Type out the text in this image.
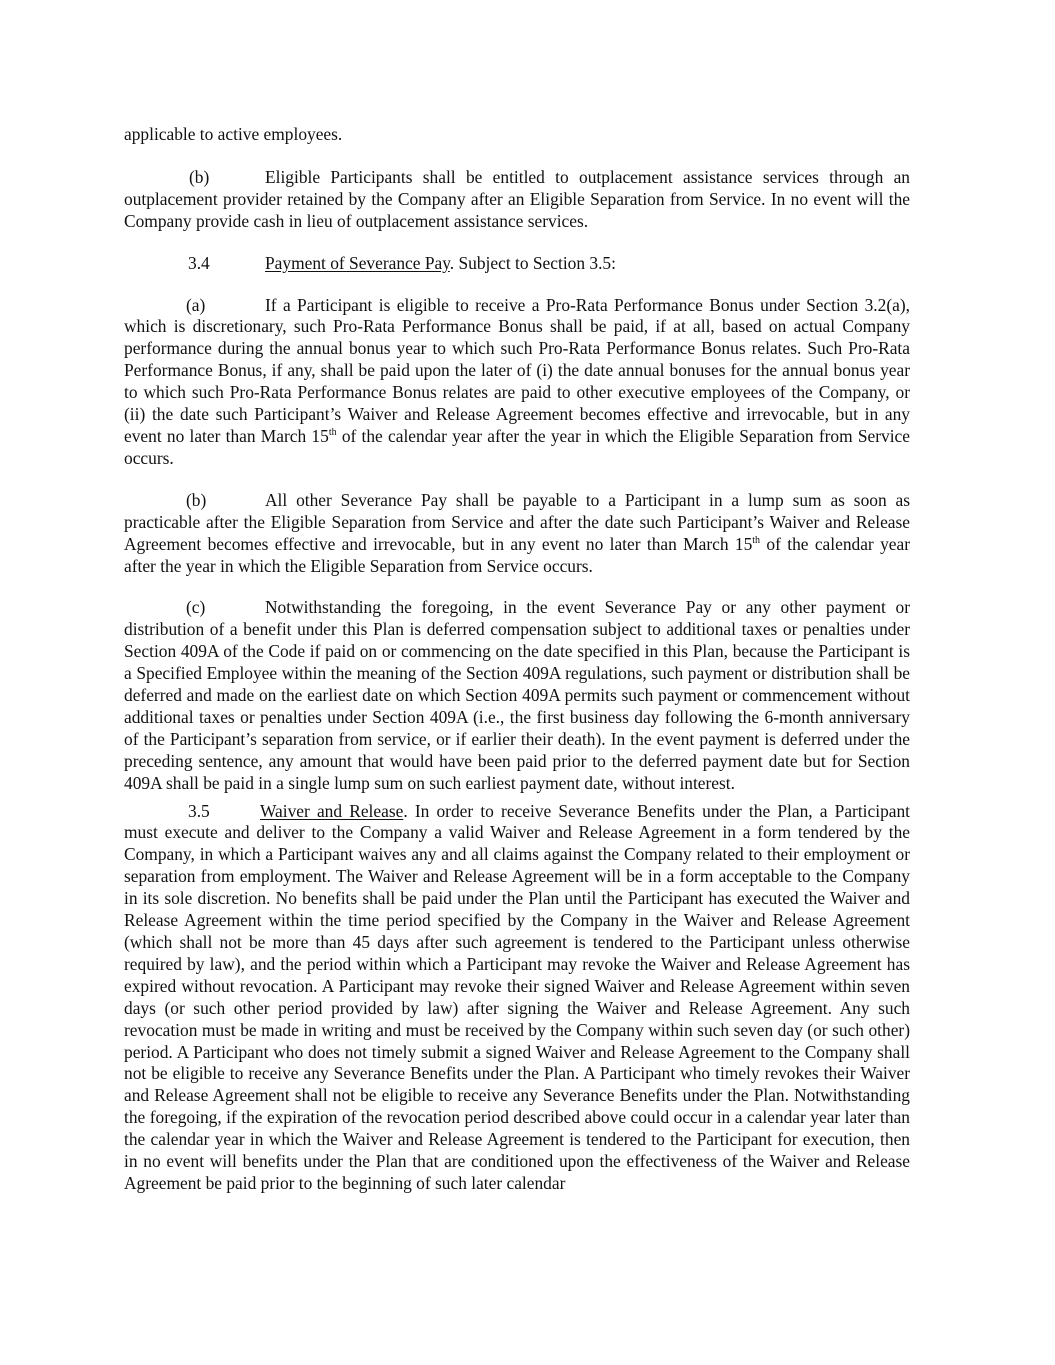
applicable to active employees.

(b)	Eligible Participants shall be entitled to outplacement assistance services through an outplacement provider retained by the Company after an Eligible Separation from Service. In no event will the Company provide cash in lieu of outplacement assistance services.

3.4	Payment of Severance Pay. Subject to Section 3.5:

(a)	If a Participant is eligible to receive a Pro-Rata Performance Bonus under Section 3.2(a), which is discretionary, such Pro-Rata Performance Bonus shall be paid, if at all, based on actual Company performance during the annual bonus year to which such Pro-Rata Performance Bonus relates. Such Pro-Rata Performance Bonus, if any, shall be paid upon the later of (i) the date annual bonuses for the annual bonus year to which such Pro-Rata Performance Bonus relates are paid to other executive employees of the Company, or (ii) the date such Participant’s Waiver and Release Agreement becomes effective and irrevocable, but in any event no later than March 15th of the calendar year after the year in which the Eligible Separation from Service occurs.

(b)	All other Severance Pay shall be payable to a Participant in a lump sum as soon as practicable after the Eligible Separation from Service and after the date such Participant’s Waiver and Release Agreement becomes effective and irrevocable, but in any event no later than March 15th of the calendar year after the year in which the Eligible Separation from Service occurs.

(c)	Notwithstanding the foregoing, in the event Severance Pay or any other payment or distribution of a benefit under this Plan is deferred compensation subject to additional taxes or penalties under Section 409A of the Code if paid on or commencing on the date specified in this Plan, because the Participant is a Specified Employee within the meaning of the Section 409A regulations, such payment or distribution shall be deferred and made on the earliest date on which Section 409A permits such payment or commencement without additional taxes or penalties under Section 409A (i.e., the first business day following the 6-month anniversary of the Participant’s separation from service, or if earlier their death). In the event payment is deferred under the preceding sentence, any amount that would have been paid prior to the deferred payment date but for Section 409A shall be paid in a single lump sum on such earliest payment date, without interest.

3.5	Waiver and Release. In order to receive Severance Benefits under the Plan, a Participant must execute and deliver to the Company a valid Waiver and Release Agreement in a form tendered by the Company, in which a Participant waives any and all claims against the Company related to their employment or separation from employment. The Waiver and Release Agreement will be in a form acceptable to the Company in its sole discretion. No benefits shall be paid under the Plan until the Participant has executed the Waiver and Release Agreement within the time period specified by the Company in the Waiver and Release Agreement (which shall not be more than 45 days after such agreement is tendered to the Participant unless otherwise required by law), and the period within which a Participant may revoke the Waiver and Release Agreement has expired without revocation. A Participant may revoke their signed Waiver and Release Agreement within seven days (or such other period provided by law) after signing the Waiver and Release Agreement. Any such revocation must be made in writing and must be received by the Company within such seven day (or such other) period. A Participant who does not timely submit a signed Waiver and Release Agreement to the Company shall not be eligible to receive any Severance Benefits under the Plan. A Participant who timely revokes their Waiver and Release Agreement shall not be eligible to receive any Severance Benefits under the Plan. Notwithstanding the foregoing, if the expiration of the revocation period described above could occur in a calendar year later than the calendar year in which the Waiver and Release Agreement is tendered to the Participant for execution, then in no event will benefits under the Plan that are conditioned upon the effectiveness of the Waiver and Release Agreement be paid prior to the beginning of such later calendar
